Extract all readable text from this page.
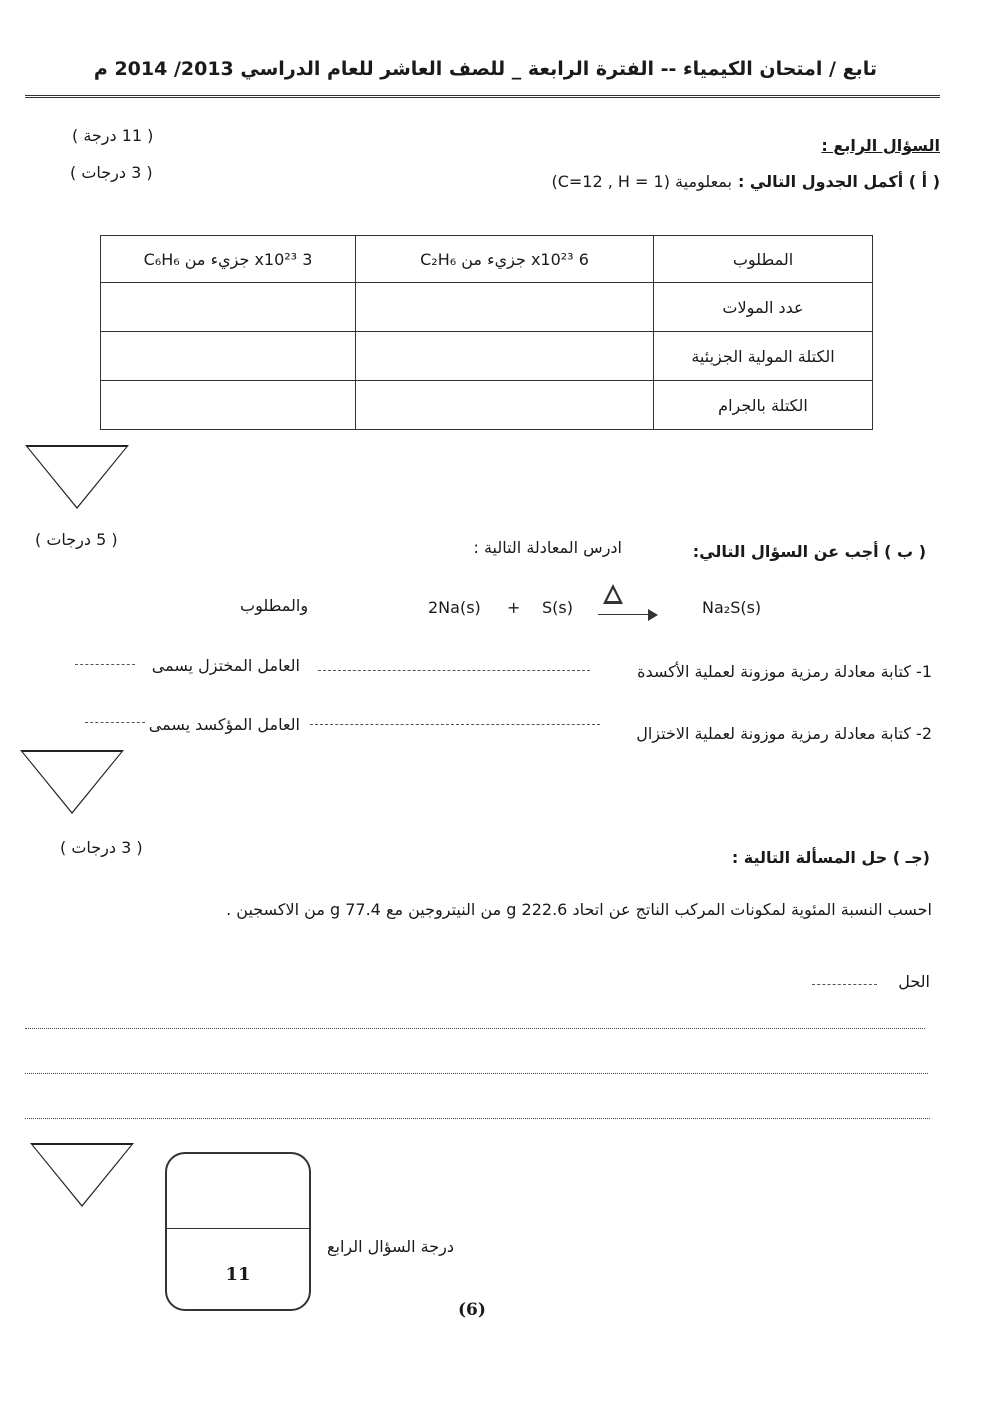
تابع / امتحان الكيمياء -- الفترة الرابعة _ للصف العاشر للعام الدراسي 2013/ 2014 م
السؤال الرابع :
( 11 درجة )
( أ ) أكمل الجدول التالي :
بمعلومية (C=12 , H = 1)
( 3 درجات )
المطلوب	6 x10²³ جزيء من C₂H₆	3 x10²³ جزيء من C₆H₆
عدد المولات		
الكتلة المولية الجزيئية		
الكتلة بالجرام		
( ب ) أجب عن السؤال التالي:
ادرس المعادلة التالية :
( 5 درجات )
والمطلوب	2Na(s) + S(s)	Na₂S(s)
1- كتابة معادلة رمزية موزونة لعملية الأكسدة
العامل المختزل يسمى
2- كتابة معادلة رمزية موزونة لعملية الاختزال
العامل المؤكسد يسمى
(جـ ) حل المسألة التالية :
( 3 درجات )
احسب النسبة المئوية لمكونات المركب الناتج عن اتحاد 222.6 g من النيتروجين مع 77.4 g من الاكسجين .
الحل
11
درجة السؤال الرابع
(6)
